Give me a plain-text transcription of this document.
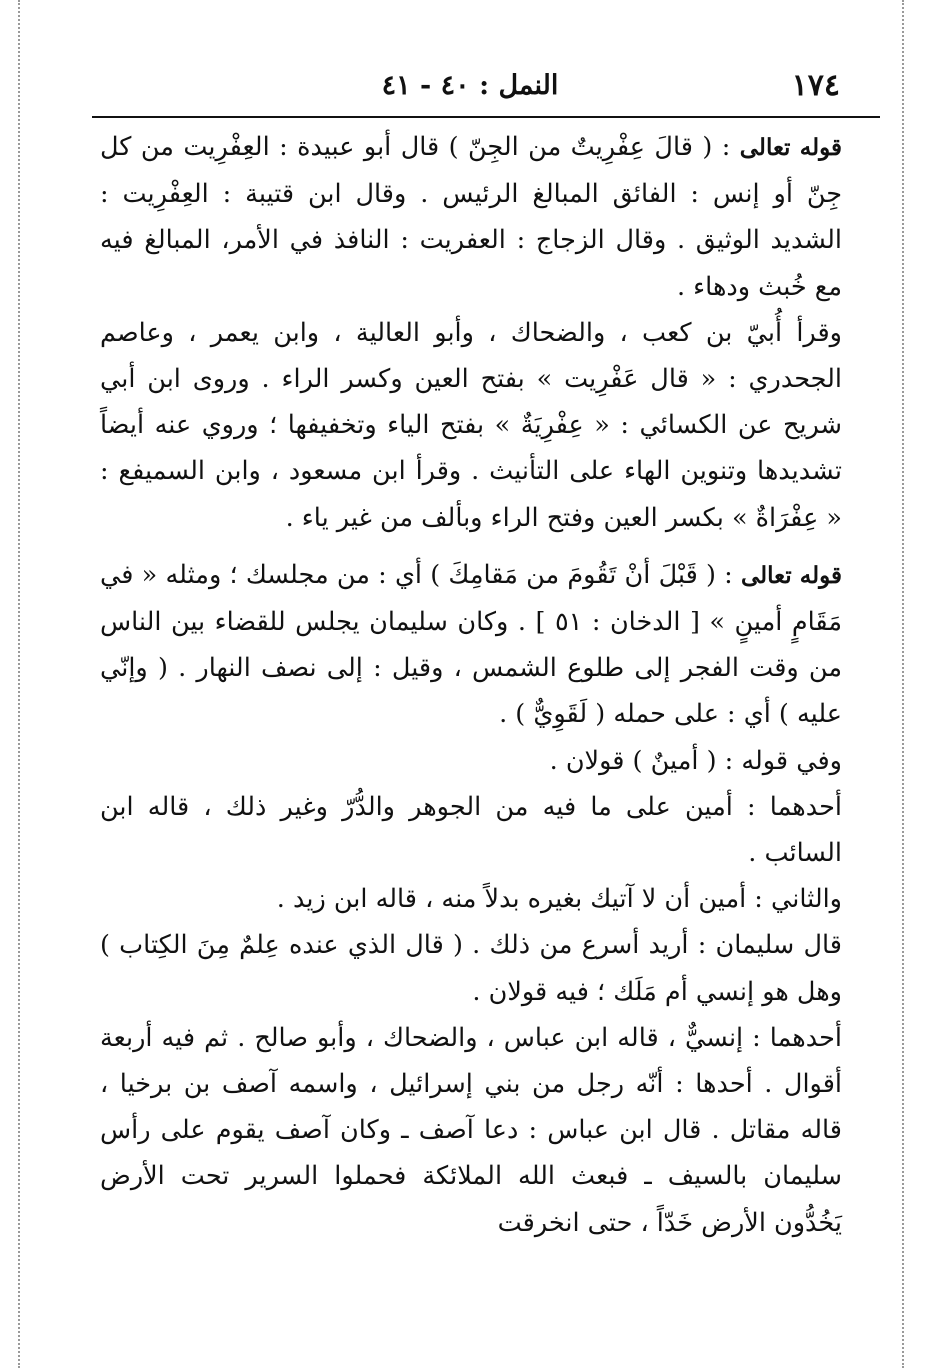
النمل : ٤٠ - ٤١	١٧٤

قوله تعالى : ( قالَ عِفْرِيتٌ من الجِنّ ) قال أبو عبيدة : العِفْرِيت من كل جِنّ أو إنس : الفائق المبالغ الرئيس . وقال ابن قتيبة : العِفْرِيت : الشديد الوثيق . وقال الزجاج : العفريت : النافذ في الأمر، المبالغ فيه مع خُبث ودهاء .

وقرأ أُبيّ بن كعب ، والضحاك ، وأبو العالية ، وابن يعمر ، وعاصم الجحدري : « قال عَفْرِيت » بفتح العين وكسر الراء . وروى ابن أبي شريح عن الكسائي : « عِفْرِيَةٌ » بفتح الياء وتخفيفها ؛ وروي عنه أيضاً تشديدها وتنوين الهاء على التأنيث . وقرأ ابن مسعود ، وابن السميفع : « عِفْرَاةٌ » بكسر العين وفتح الراء وبألف من غير ياء .

قوله تعالى : ( قَبْلَ أنْ تَقُومَ من مَقامِكَ ) أي : من مجلسك ؛ ومثله « في مَقَامٍ أمينٍ » [ الدخان : ٥١ ] . وكان سليمان يجلس للقضاء بين الناس من وقت الفجر إلى طلوع الشمس ، وقيل : إلى نصف النهار . ( وإنّي عليه ) أي : على حمله ( لَقَوِيٌّ ) .

وفي قوله : ( أمينٌ ) قولان .

أحدهما : أمين على ما فيه من الجوهر والدُّرّ وغير ذلك ، قاله ابن السائب .

والثاني : أمين أن لا آتيك بغيره بدلاً منه ، قاله ابن زيد .

قال سليمان : أريد أسرع من ذلك . ( قال الذي عنده عِلمٌ مِنَ الكِتاب ) وهل هو إنسي أم مَلَك ؛ فيه قولان .

أحدهما : إنسيٌّ ، قاله ابن عباس ، والضحاك ، وأبو صالح . ثم فيه أربعة أقوال . أحدها : أنّه رجل من بني إسرائيل ، واسمه آصف بن برخيا ، قاله مقاتل . قال ابن عباس : دعا آصف ـ وكان آصف يقوم على رأس سليمان بالسيف ـ فبعث الله الملائكة فحملوا السرير تحت الأرض يَخُدُّون الأرض خَدّاً ، حتى انخرقت
